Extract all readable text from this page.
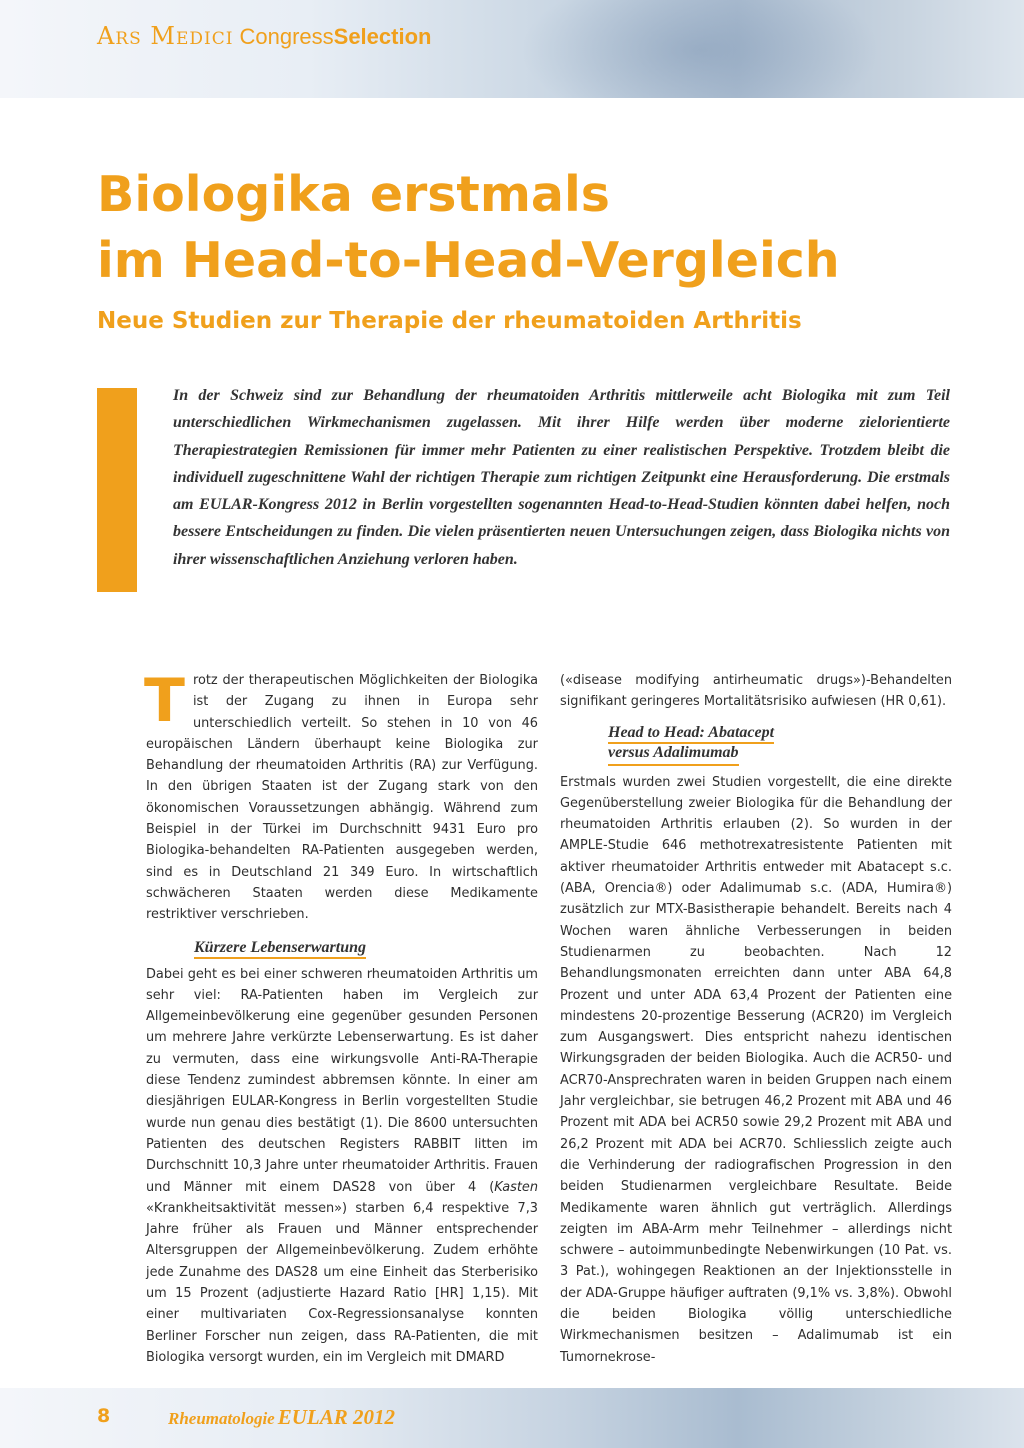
ARS MEDICI CongressSelection
Biologika erstmals
im Head-to-Head-Vergleich
Neue Studien zur Therapie der rheumatoiden Arthritis

In der Schweiz sind zur Behandlung der rheumatoiden Arthritis mittlerweile acht Biologika mit zum Teil unterschiedlichen Wirkmechanismen zugelassen. Mit ihrer Hilfe werden über moderne zielorientierte Therapiestrategien Remissionen für immer mehr Patienten zu einer realistischen Perspektive. Trotzdem bleibt die individuell zugeschnittene Wahl der richtigen Therapie zum richtigen Zeitpunkt eine Herausforderung. Die erstmals am EULAR-Kongress 2012 in Berlin vorgestellten sogenannten Head-to-Head-Studien könnten dabei helfen, noch bessere Entscheidungen zu finden. Die vielen präsentierten neuen Untersuchungen zeigen, dass Biologika nichts von ihrer wissenschaftlichen Anziehung verloren haben.

Trotz der therapeutischen Möglichkeiten der Biologika ist der Zugang zu ihnen in Europa sehr unterschiedlich verteilt. So stehen in 10 von 46 europäischen Ländern überhaupt keine Biologika zur Behandlung der rheumatoiden Arthritis (RA) zur Verfügung. In den übrigen Staaten ist der Zugang stark von den ökonomischen Voraussetzungen abhängig. Während zum Beispiel in der Türkei im Durchschnitt 9431 Euro pro Biologika-behandelten RA-Patienten ausgegeben werden, sind es in Deutschland 21 349 Euro. In wirtschaftlich schwächeren Staaten werden diese Medikamente restriktiver verschrieben.

Kürzere Lebenserwartung

Dabei geht es bei einer schweren rheumatoiden Arthritis um sehr viel: RA-Patienten haben im Vergleich zur Allgemeinbevölkerung eine gegenüber gesunden Personen um mehrere Jahre verkürzte Lebenserwartung. Es ist daher zu vermuten, dass eine wirkungsvolle Anti-RA-Therapie diese Tendenz zumindest abbremsen könnte. In einer am diesjährigen EULAR-Kongress in Berlin vorgestellten Studie wurde nun genau dies bestätigt (1). Die 8600 untersuchten Patienten des deutschen Registers RABBIT litten im Durchschnitt 10,3 Jahre unter rheumatoider Arthritis. Frauen und Männer mit einem DAS28 von über 4 (Kasten «Krankheitsaktivität messen») starben 6,4 respektive 7,3 Jahre früher als Frauen und Männer entsprechender Altersgruppen der Allgemeinbevölkerung. Zudem erhöhte jede Zunahme des DAS28 um eine Einheit das Sterberisiko um 15 Prozent (adjustierte Hazard Ratio [HR] 1,15). Mit einer multivariaten Cox-Regressionsanalyse konnten Berliner Forscher nun zeigen, dass RA-Patienten, die mit Biologika versorgt wurden, ein im Vergleich mit DMARD

(«disease modifying antirheumatic drugs»)-Behandelten signifikant geringeres Mortalitätsrisiko aufwiesen (HR 0,61).

Head to Head: Abatacept
versus Adalimumab

Erstmals wurden zwei Studien vorgestellt, die eine direkte Gegenüberstellung zweier Biologika für die Behandlung der rheumatoiden Arthritis erlauben (2). So wurden in der AMPLE-Studie 646 methotrexatresistente Patienten mit aktiver rheumatoider Arthritis entweder mit Abatacept s.c. (ABA, Orencia®) oder Adalimumab s.c. (ADA, Humira®) zusätzlich zur MTX-Basistherapie behandelt. Bereits nach 4 Wochen waren ähnliche Verbesserungen in beiden Studienarmen zu beobachten. Nach 12 Behandlungsmonaten erreichten dann unter ABA 64,8 Prozent und unter ADA 63,4 Prozent der Patienten eine mindestens 20-prozentige Besserung (ACR20) im Vergleich zum Ausgangswert. Dies entspricht nahezu identischen Wirkungsgraden der beiden Biologika. Auch die ACR50- und ACR70-Ansprechraten waren in beiden Gruppen nach einem Jahr vergleichbar, sie betrugen 46,2 Prozent mit ABA und 46 Prozent mit ADA bei ACR50 sowie 29,2 Prozent mit ABA und 26,2 Prozent mit ADA bei ACR70. Schliesslich zeigte auch die Verhinderung der radiografischen Progression in den beiden Studienarmen vergleichbare Resultate. Beide Medikamente waren ähnlich gut verträglich. Allerdings zeigten im ABA-Arm mehr Teilnehmer – allerdings nicht schwere – autoimmunbedingte Nebenwirkungen (10 Pat. vs. 3 Pat.), wohingegen Reaktionen an der Injektionsstelle in der ADA-Gruppe häufiger auftraten (9,1% vs. 3,8%). Obwohl die beiden Biologika völlig unterschiedliche Wirkmechanismen besitzen – Adalimumab ist ein Tumornekrose-

8	Rheumatologie EULAR 2012
